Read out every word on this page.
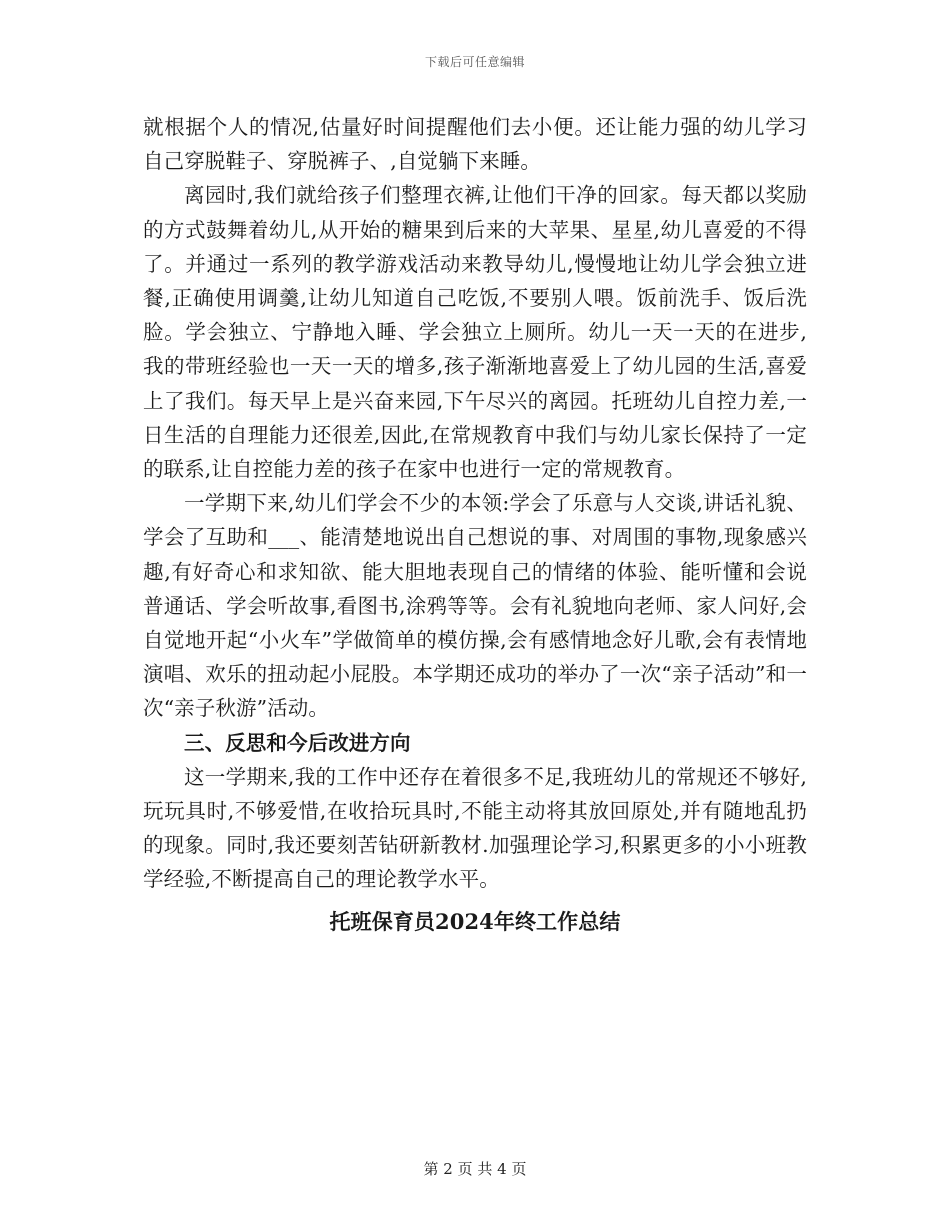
下载后可任意编辑

就根据个人的情况,估量好时间提醒他们去小便。还让能力强的幼儿学习自己穿脱鞋子、穿脱裤子、,自觉躺下来睡。

离园时,我们就给孩子们整理衣裤,让他们干净的回家。每天都以奖励的方式鼓舞着幼儿,从开始的糖果到后来的大苹果、星星,幼儿喜爱的不得了。并通过一系列的教学游戏活动来教导幼儿,慢慢地让幼儿学会独立进餐,正确使用调羹,让幼儿知道自己吃饭,不要别人喂。饭前洗手、饭后洗脸。学会独立、宁静地入睡、学会独立上厕所。幼儿一天一天的在进步,我的带班经验也一天一天的增多,孩子渐渐地喜爱上了幼儿园的生活,喜爱上了我们。每天早上是兴奋来园,下午尽兴的离园。托班幼儿自控力差,一日生活的自理能力还很差,因此,在常规教育中我们与幼儿家长保持了一定的联系,让自控能力差的孩子在家中也进行一定的常规教育。

一学期下来,幼儿们学会不少的本领:学会了乐意与人交谈,讲话礼貌、学会了互助和___、能清楚地说出自己想说的事、对周围的事物,现象感兴趣,有好奇心和求知欲、能大胆地表现自己的情绪的体验、能听懂和会说普通话、学会听故事,看图书,涂鸦等等。会有礼貌地向老师、家人问好,会自觉地开起“小火车”学做简单的模仿操,会有感情地念好儿歌,会有表情地演唱、欢乐的扭动起小屁股。本学期还成功的举办了一次“亲子活动”和一次“亲子秋游”活动。

三、反思和今后改进方向

这一学期来,我的工作中还存在着很多不足,我班幼儿的常规还不够好,玩玩具时,不够爱惜,在收拾玩具时,不能主动将其放回原处,并有随地乱扔的现象。同时,我还要刻苦钻研新教材.加强理论学习,积累更多的小小班教学经验,不断提高自己的理论教学水平。

托班保育员2024年终工作总结

第 2 页 共 4 页
